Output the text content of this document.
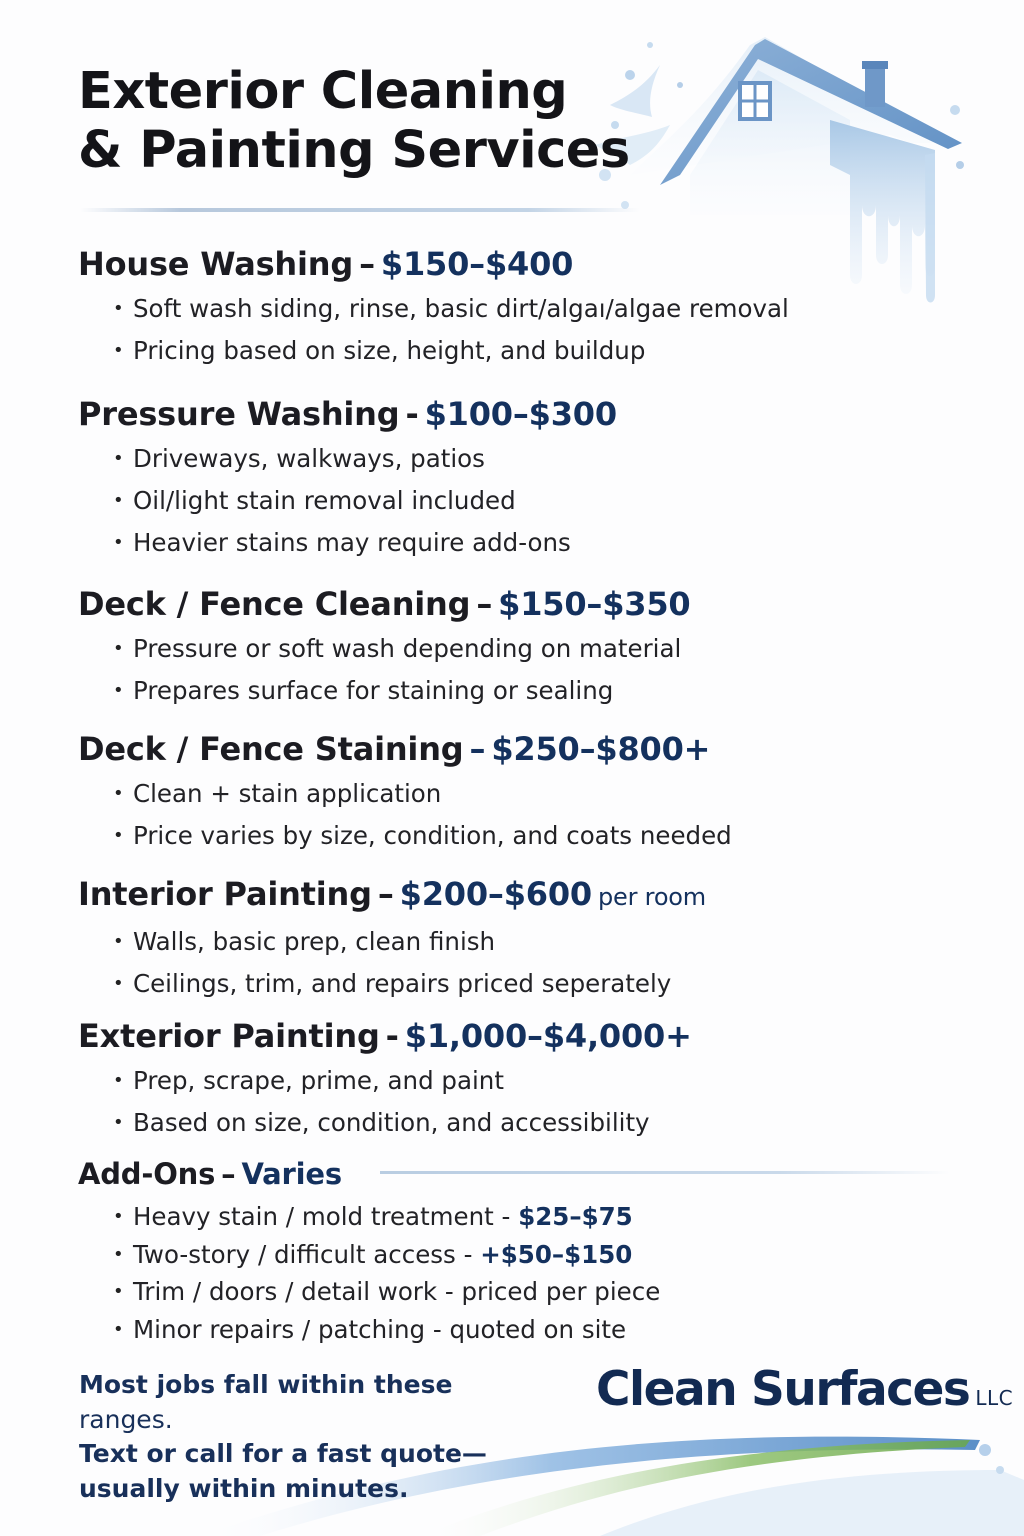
Exterior Cleaning
& Painting Services
House Washing – $150–$400
• Soft wash siding, rinse, basic dirt/algaı/algae removal
• Pricing based on size, height, and buildup
Pressure Washing - $100–$300
• Driveways, walkways, patios
• Oil/light stain removal included
• Heavier stains may require add-ons
Deck / Fence Cleaning – $150–$350
• Pressure or soft wash depending on material
• Prepares surface for staining or sealing
Deck / Fence Staining – $250–$800+
• Clean + stain application
• Price varies by size, condition, and coats needed
Interior Painting – $200–$600 per room
• Walls, basic prep, clean finish
• Ceilings, trim, and repairs priced seperately
Exterior Painting - $1,000–$4,000+
• Prep, scrape, prime, and paint
• Based on size, condition, and accessibility
Add-Ons – Varies
• Heavy stain / mold treatment - $25–$75
• Two-story / difficult access - +$50–$150
• Trim / doors / detail work - priced per piece
• Minor repairs / patching - quoted on site
Most jobs fall within these
ranges.
Text or call for a fast quote—
usually within minutes.
Clean Surfaces LLC
